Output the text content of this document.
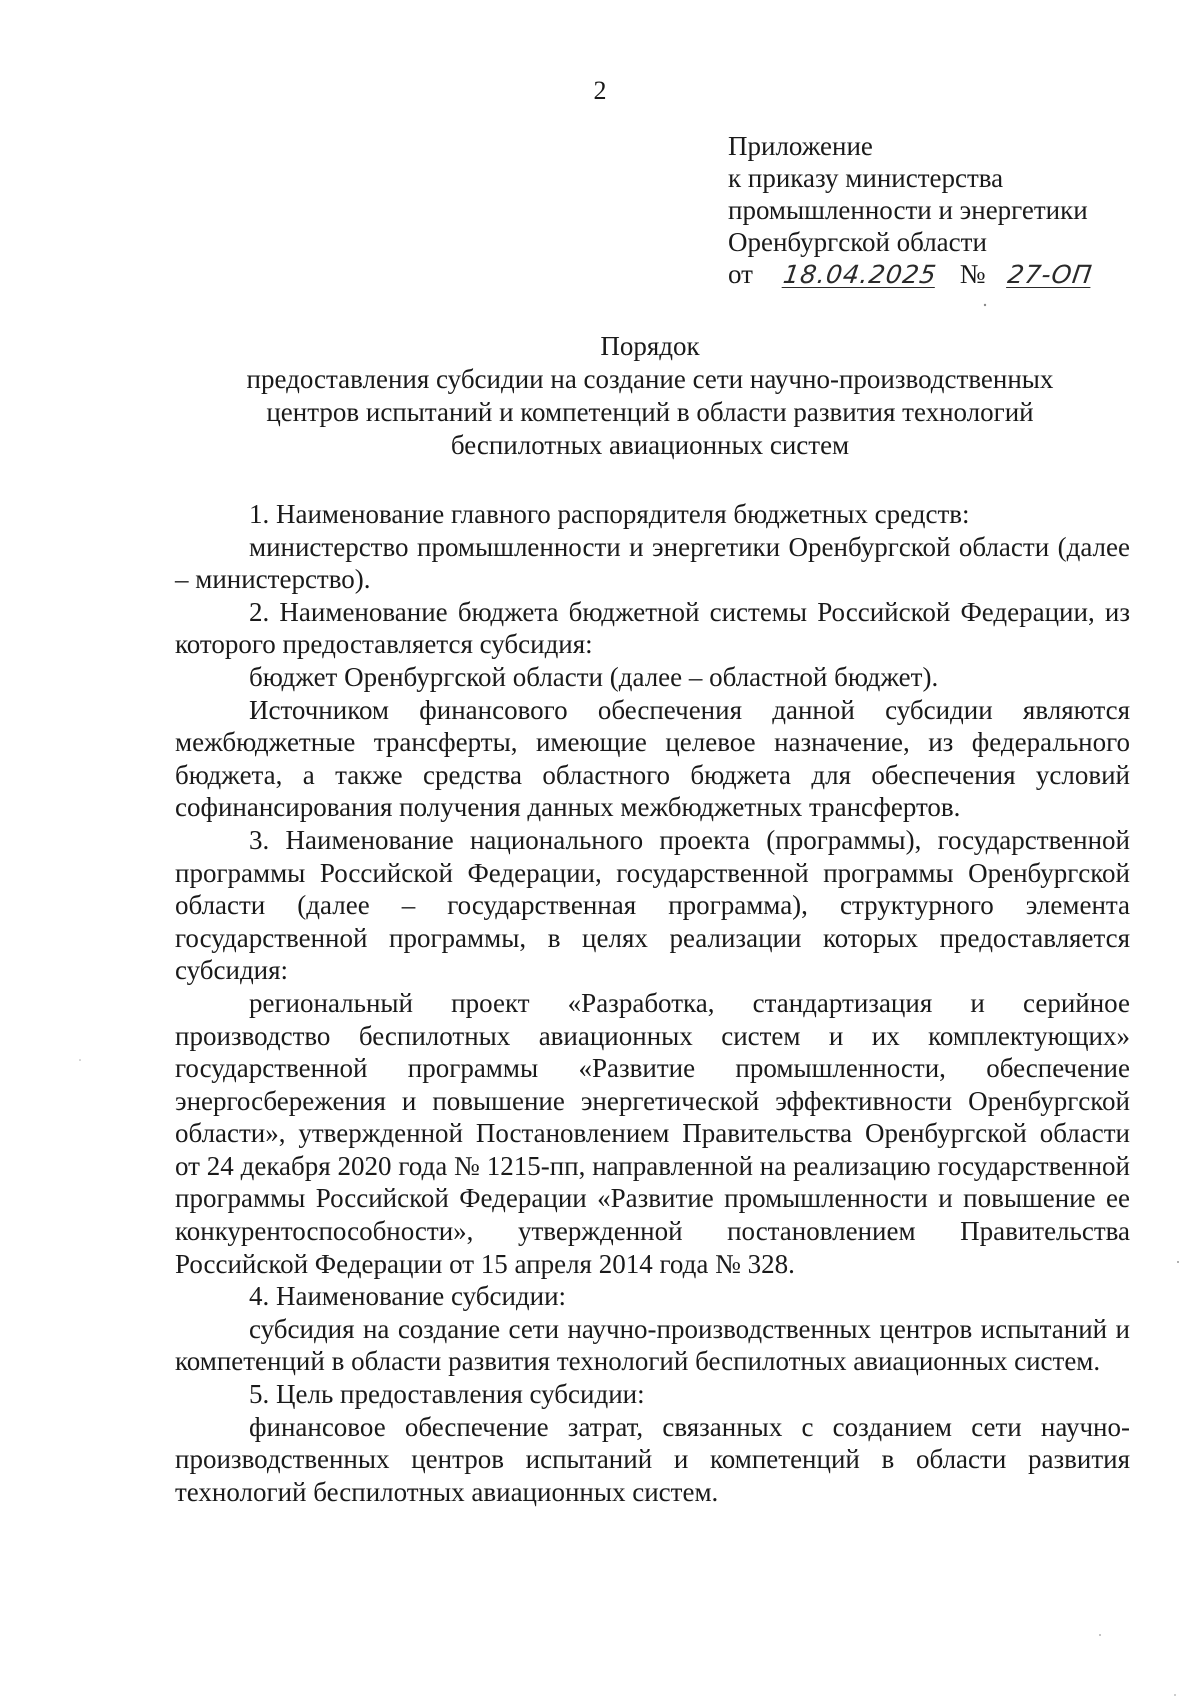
2
Приложение
к приказу министерства
промышленности и энергетики
Оренбургской области
от 18.04.2025 № 27-ОП
Порядок
предоставления субсидии на создание сети научно-производственных
центров испытаний и компетенций в области развития технологий
беспилотных авиационных систем

1. Наименование главного распорядителя бюджетных средств:

министерство промышленности и энергетики Оренбургской области (далее – министерство).

2. Наименование бюджета бюджетной системы Российской Федерации, из которого предоставляется субсидия:

бюджет Оренбургской области (далее – областной бюджет).

Источником финансового обеспечения данной субсидии являются межбюджетные трансферты, имеющие целевое назначение, из федерального бюджета, а также средства областного бюджета для обеспечения условий софинансирования получения данных межбюджетных трансфертов.

3. Наименование национального проекта (программы), государственной программы Российской Федерации, государственной программы Оренбургской области (далее – государственная программа), структурного элемента государственной программы, в целях реализации которых предоставляется субсидия:

региональный проект «Разработка, стандартизация и серийное производство беспилотных авиационных систем и их комплектующих» государственной программы «Развитие промышленности, обеспечение энергосбережения и повышение энергетической эффективности Оренбургской области», утвержденной Постановлением Правительства Оренбургской области от 24 декабря 2020 года № 1215-пп, направленной на реализацию государственной программы Российской Федерации «Развитие промышленности и повышение ее конкурентоспособности», утвержденной постановлением Правительства Российской Федерации от 15 апреля 2014 года № 328.

4. Наименование субсидии:

субсидия на создание сети научно-производственных центров испытаний и компетенций в области развития технологий беспилотных авиационных систем.

5. Цель предоставления субсидии:

финансовое обеспечение затрат, связанных с созданием сети научно-производственных центров испытаний и компетенций в области развития технологий беспилотных авиационных систем.
